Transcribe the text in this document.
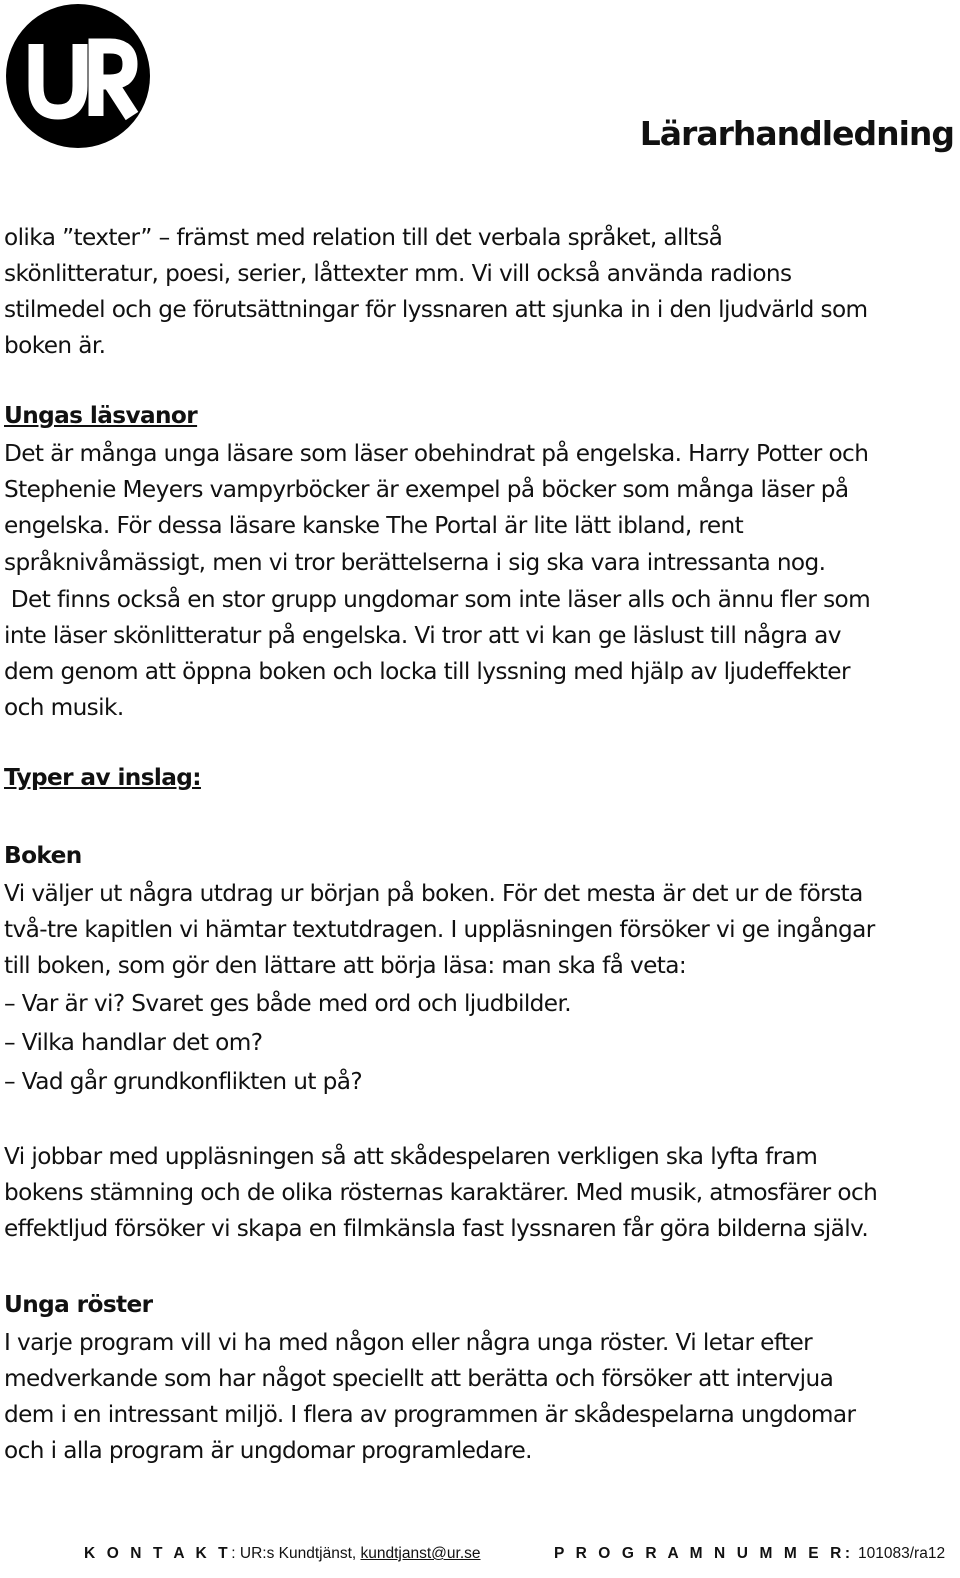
Lärarhandledning

olika ”texter” – främst med relation till det verbala språket, alltså

skönlitteratur, poesi, serier, låttexter mm. Vi vill också använda radions

stilmedel och ge förutsättningar för lyssnaren att sjunka in i den ljudvärld som

boken är.

Ungas läsvanor

Det är många unga läsare som läser obehindrat på engelska. Harry Potter och

Stephenie Meyers vampyrböcker är exempel på böcker som många läser på

engelska. För dessa läsare kanske The Portal är lite lätt ibland, rent

språknivåmässigt, men vi tror berättelserna i sig ska vara intressanta nog.

Det finns också en stor grupp ungdomar som inte läser alls och ännu fler som

inte läser skönlitteratur på engelska. Vi tror att vi kan ge läslust till några av

dem genom att öppna boken och locka till lyssning med hjälp av ljudeffekter

och musik.

Typer av inslag:
Boken

Vi väljer ut några utdrag ur början på boken. För det mesta är det ur de första

två-tre kapitlen vi hämtar textutdragen. I uppläsningen försöker vi ge ingångar

till boken, som gör den lättare att börja läsa: man ska få veta:

– Var är vi? Svaret ges både med ord och ljudbilder.

– Vilka handlar det om?

– Vad går grundkonflikten ut på?

Vi jobbar med uppläsningen så att skådespelaren verkligen ska lyfta fram

bokens stämning och de olika rösternas karaktärer. Med musik, atmosfärer och

effektljud försöker vi skapa en filmkänsla fast lyssnaren får göra bilderna själv.

Unga röster

I varje program vill vi ha med någon eller några unga röster. Vi letar efter

medverkande som har något speciellt att berätta och försöker att intervjua

dem i en intressant miljö. I flera av programmen är skådespelarna ungdomar

och i alla program är ungdomar programledare.

K O N T A K T: UR:s Kundtjänst, kundtjanst@ur.se	P R O G R A M N U M M E R: 101083/ra12
